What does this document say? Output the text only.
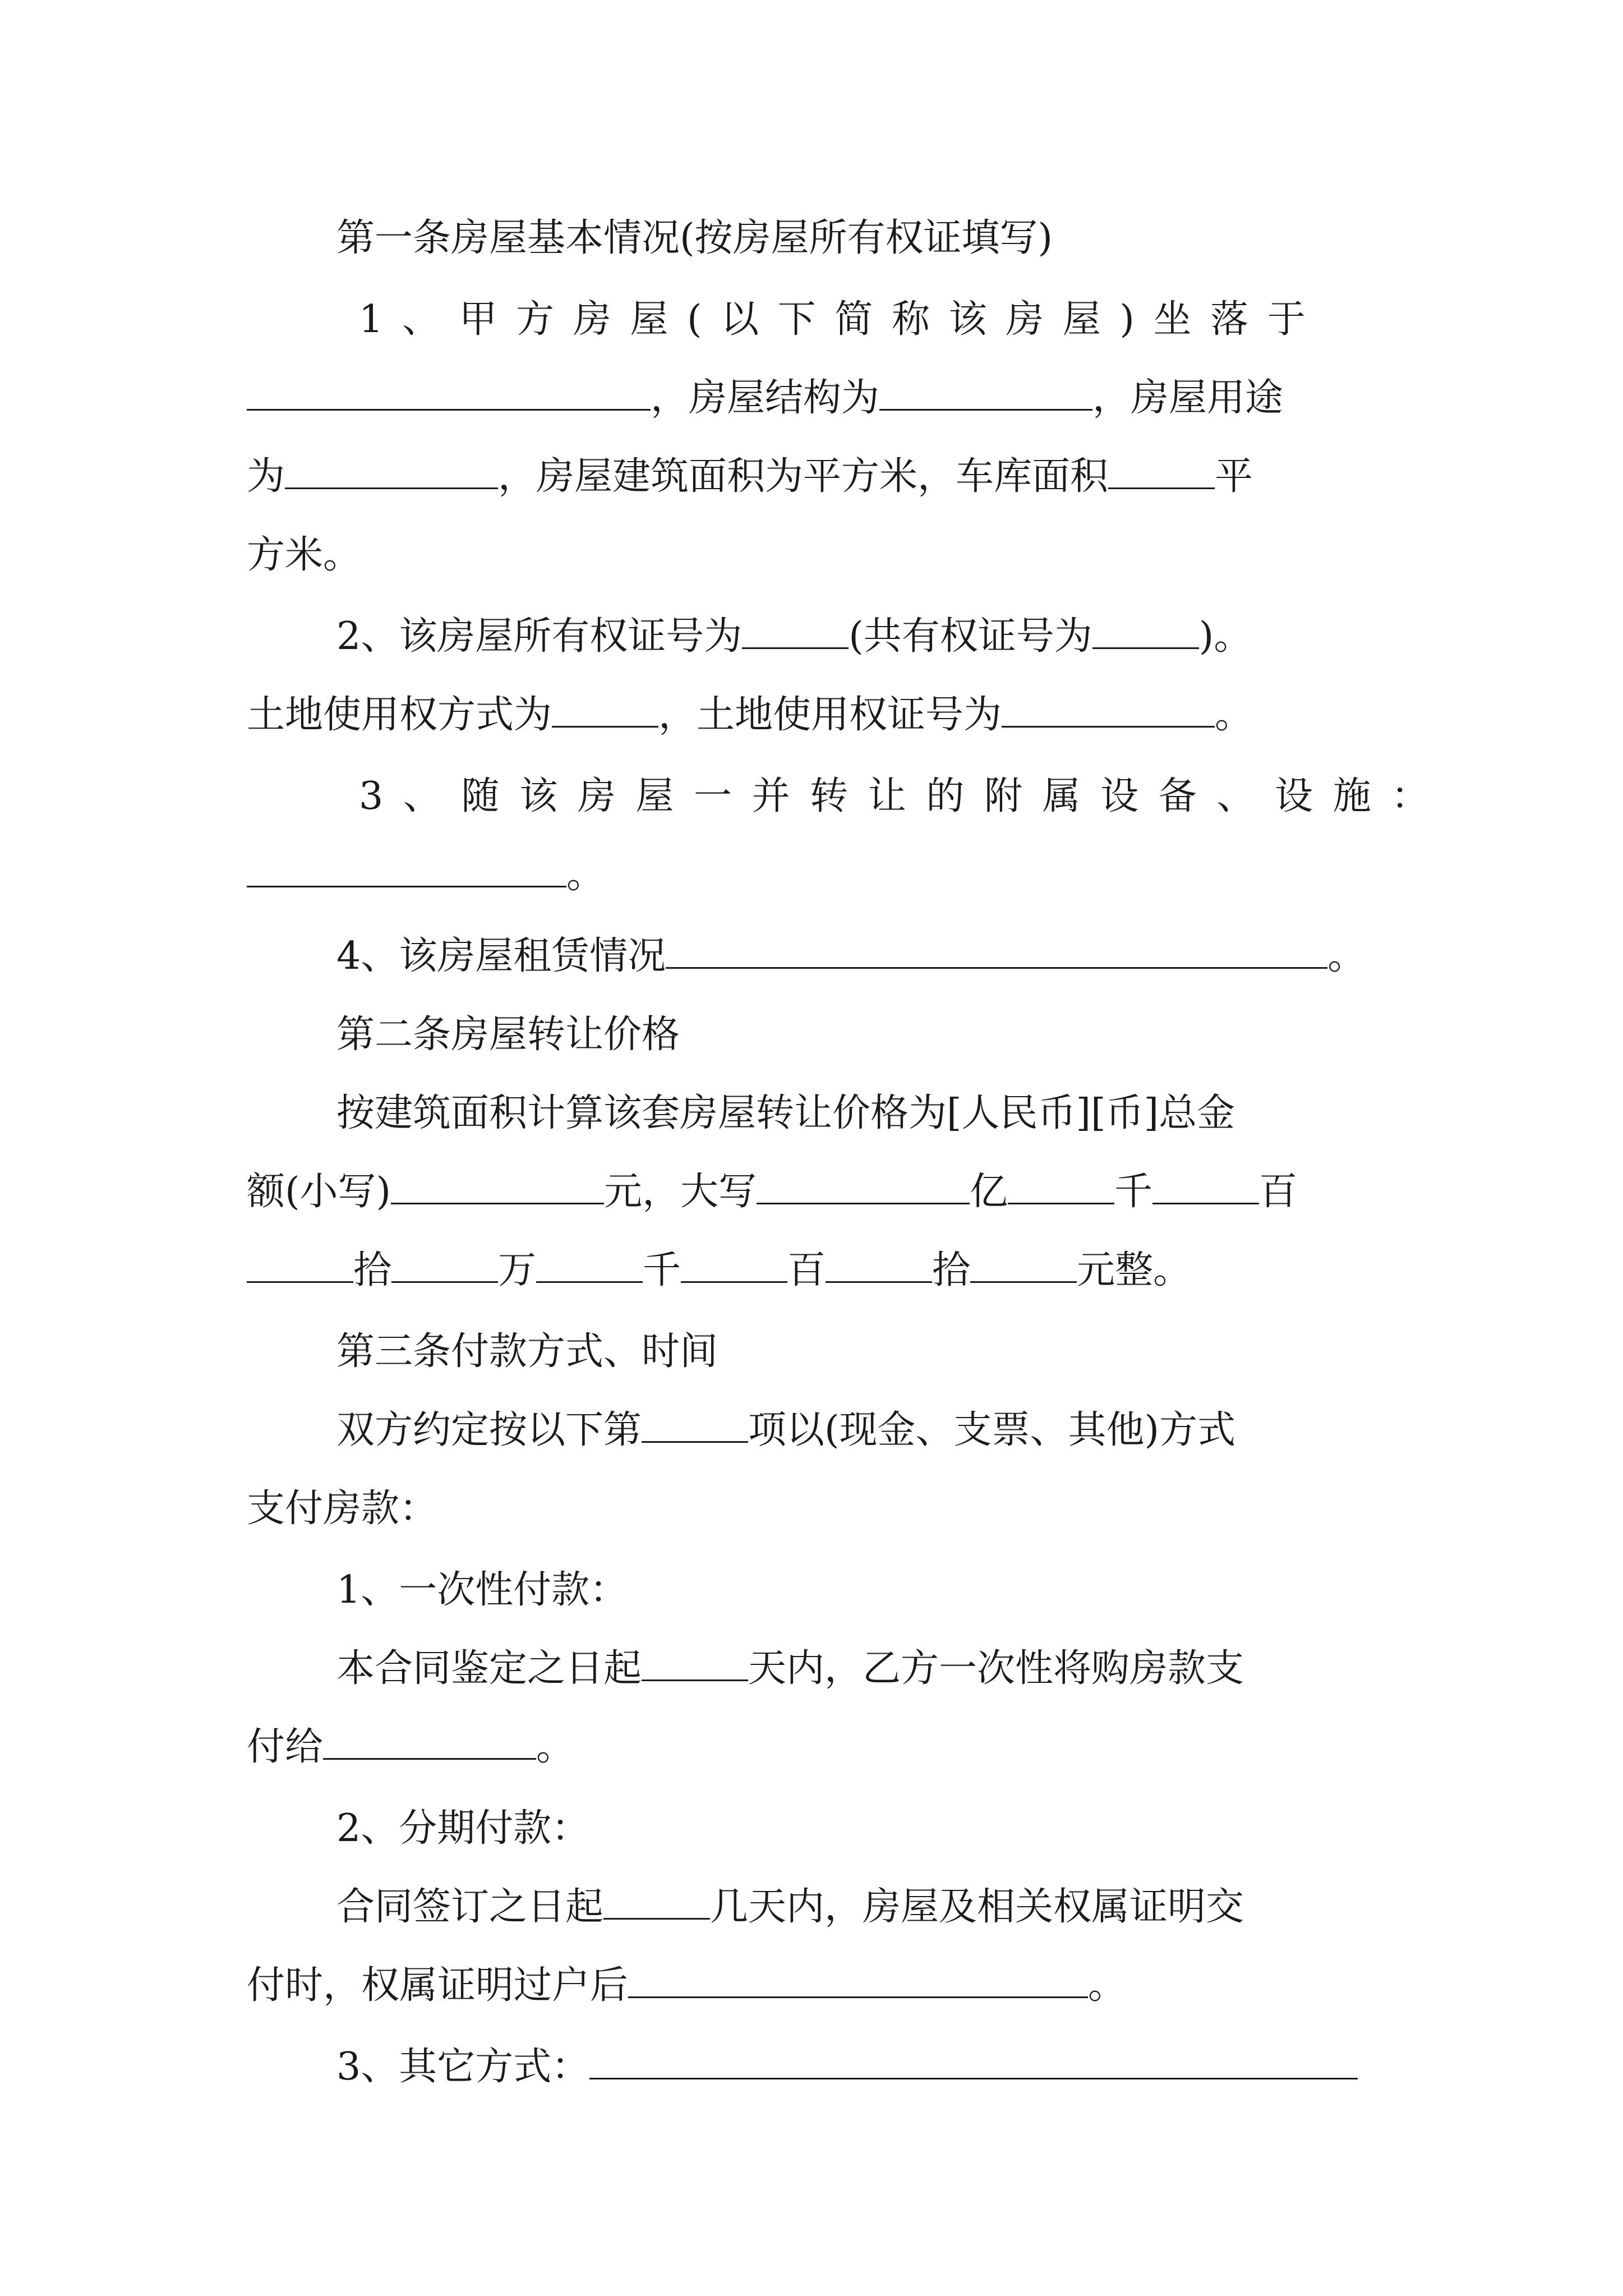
第一条房屋基本情况(按房屋所有权证填写)
1 、 甲 方 房 屋 ( 以 下 简 称 该 房 屋 ) 坐 落 于
，房屋结构为	，房屋用途
为	，房屋建筑面积为平方米，车库面积	平
方米。
2、该房屋所有权证号为	(共有权证号为	)。
土地使用权方式为	，土地使用权证号为	。
3 、 随 该 房 屋 一 并 转 让 的 附 属 设 备 、 设 施 ：
。
4、该房屋租赁情况	。
第二条房屋转让价格
按建筑面积计算该套房屋转让价格为[人民币][币]总金
额(小写)	元，大写	亿	千	百
拾	万	千	百	拾	元整。
第三条付款方式、时间
双方约定按以下第	项以(现金、支票、其他)方式
支付房款：
1、一次性付款：
本合同鉴定之日起	天内，乙方一次性将购房款支
付给	。
2、分期付款：
合同签订之日起	几天内，房屋及相关权属证明交
付时，权属证明过户后	。
3、其它方式：
